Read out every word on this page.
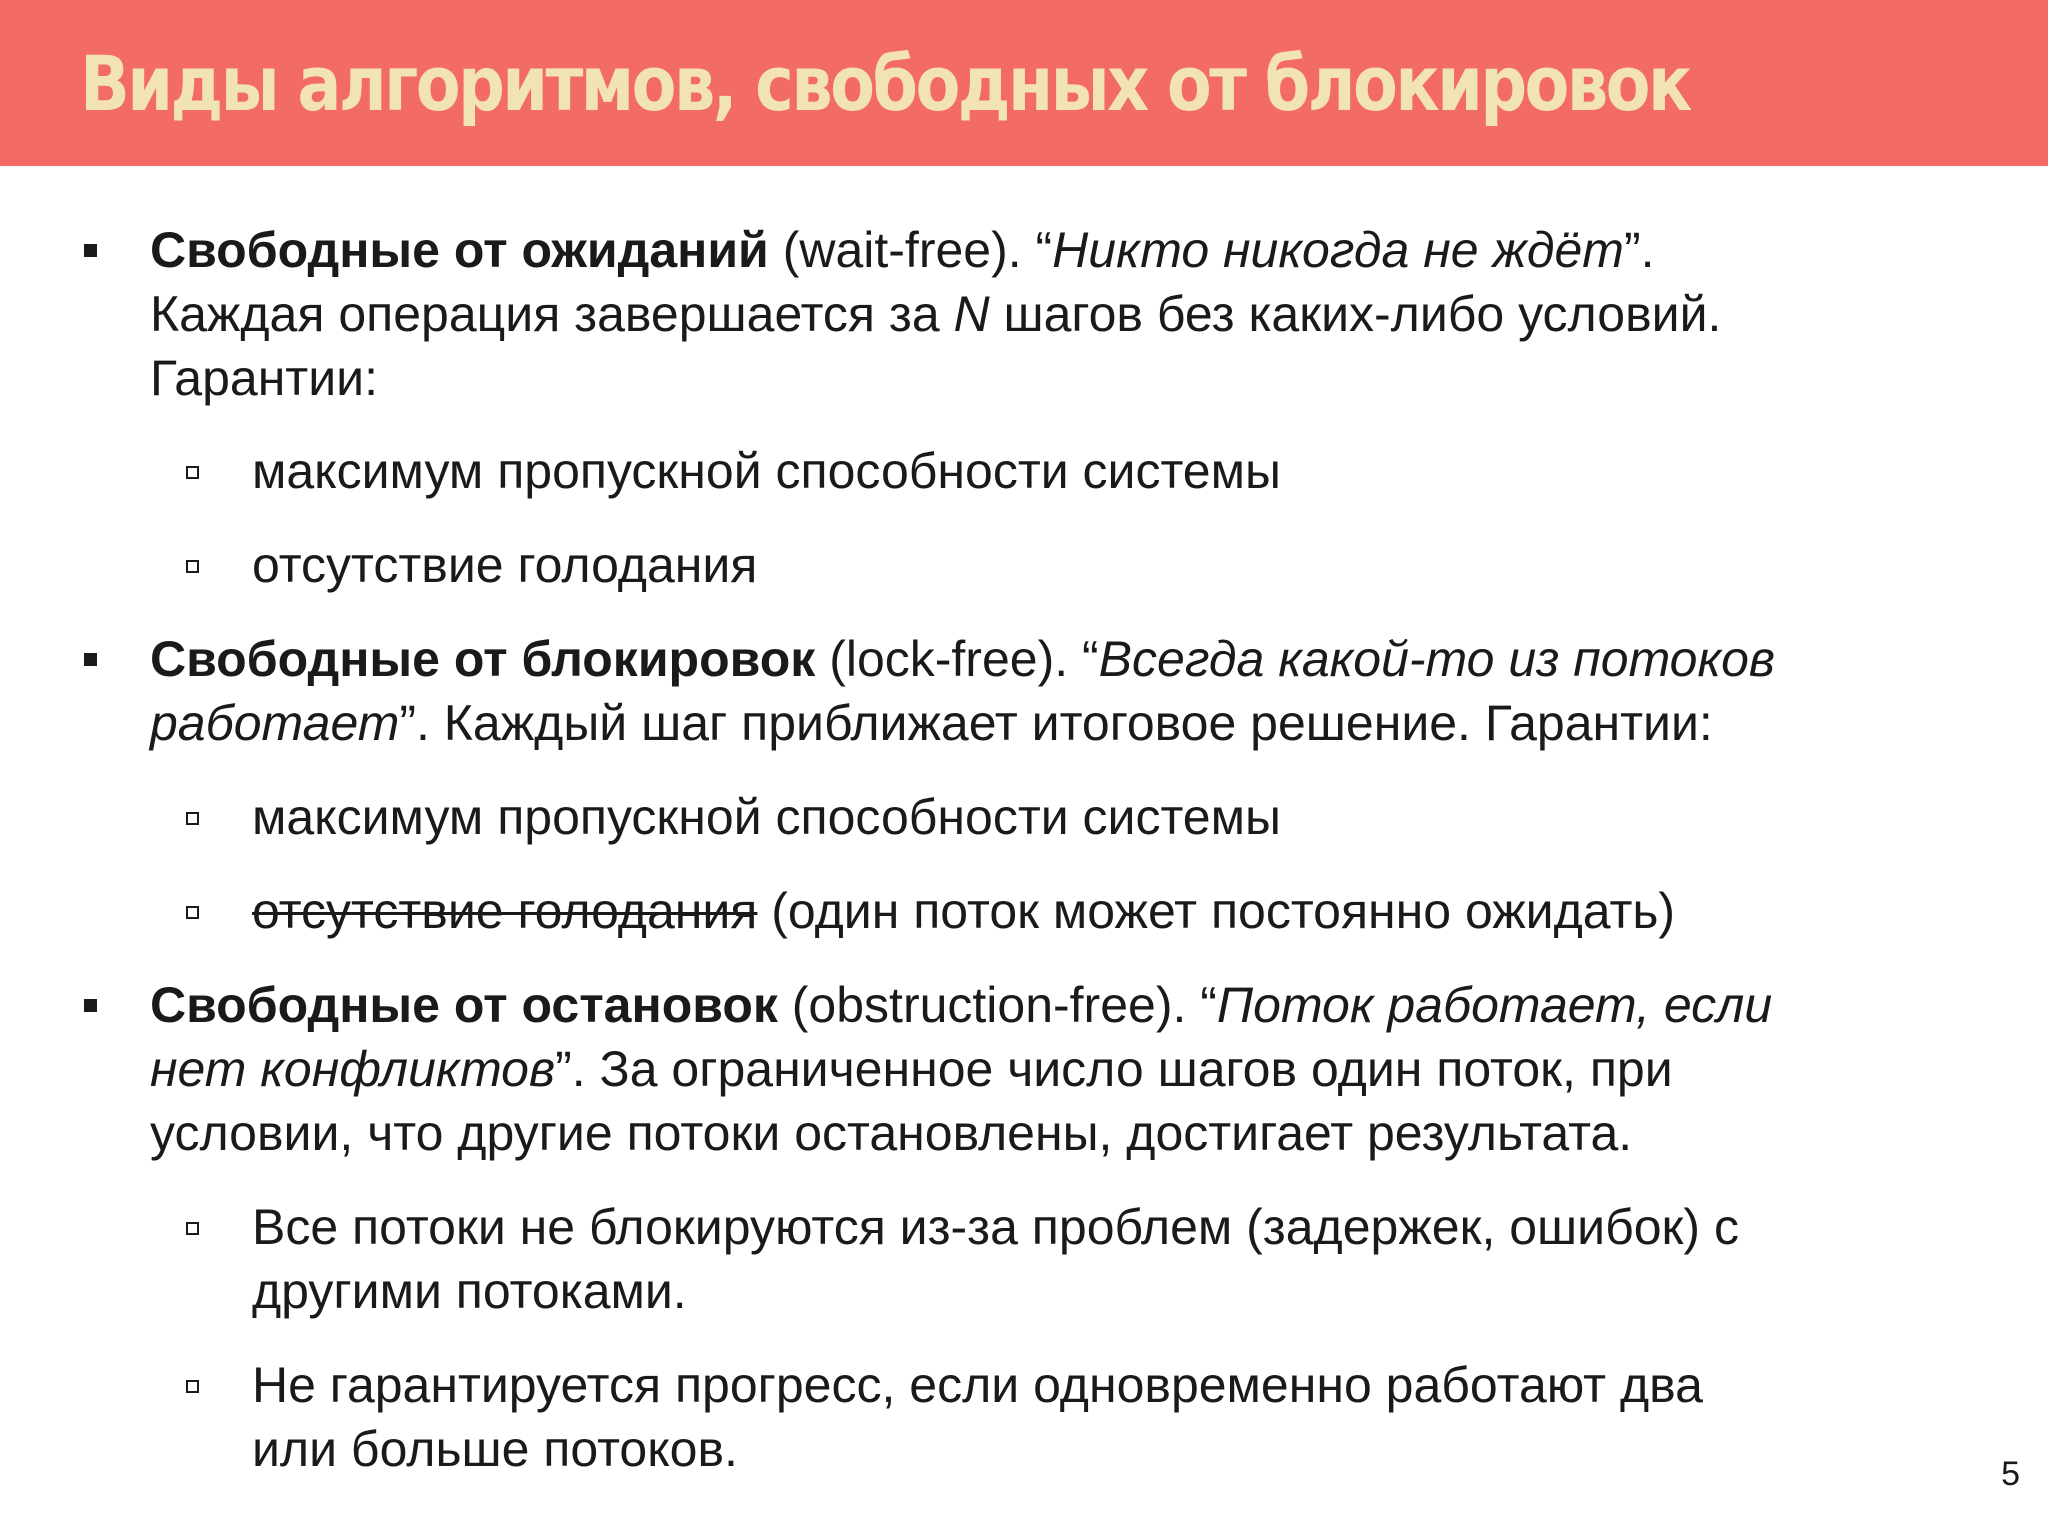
Виды алгоритмов, свободных от блокировок
Свободные от ожиданий (wait-free). “Никто никогда не ждёт”.
Каждая операция завершается за N шагов без каких-либо условий.
Гарантии:
максимум пропускной способности системы
отсутствие голодания
Свободные от блокировок (lock-free). “Всегда какой-то из потоков
работает”. Каждый шаг приближает итоговое решение. Гарантии:
максимум пропускной способности системы
отсутствие голодания (один поток может постоянно ожидать)
Свободные от остановок (obstruction-free). “Поток работает, если
нет конфликтов”. За ограниченное число шагов один поток, при
условии, что другие потоки остановлены, достигает результата.
Все потоки не блокируются из-за проблем (задержек, ошибок) с
другими потоками.
Не гарантируется прогресс, если одновременно работают два
или больше потоков.	5
